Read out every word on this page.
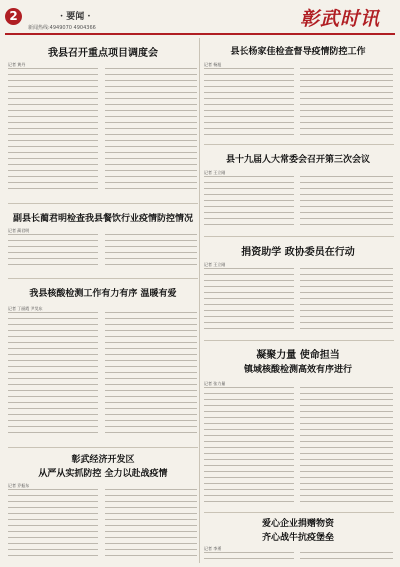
2	· 要闻 ·
新闻热线:4949070 4904366	彰武时讯
我县召开重点项目调度会
记者 黄丹
副县长蔺君明检查我县餐饮行业疫情防控情况
记者 蔺君明
我县核酸检测工作有力有序 温暖有爱
记者 丁丽霞 尹昊东
彰武经济开发区
从严从实抓防控 全力以赴战疫情
记者 乔振东
县长杨家佳检查督导疫情防控工作
记者 杨旭
县十九届人大常委会召开第三次会议
记者 王立刚
捐资助学 政协委员在行动
记者 王立刚
凝聚力量 使命担当
镇域核酸检测高效有序进行
记者 张力量
爱心企业捐赠物资
齐心战牛抗疫堡垒
记者 李勇
